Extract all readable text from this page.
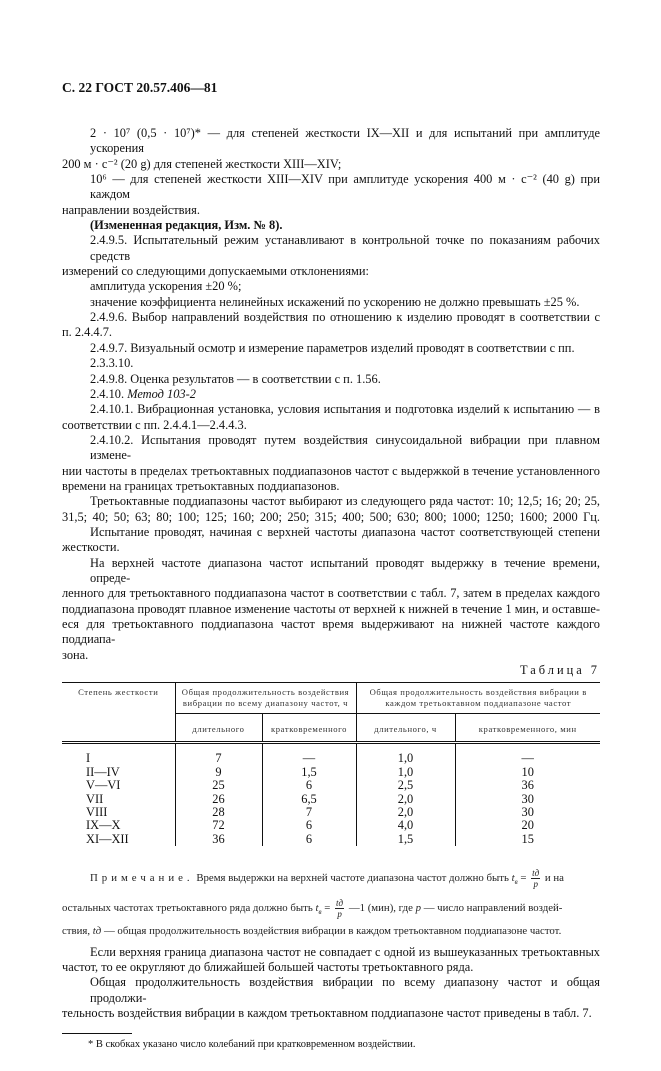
С. 22 ГОСТ 20.57.406—81
2 · 10⁷ (0,5 · 10⁷)* — для степеней жесткости IX—XII и для испытаний при амплитуде ускорения
200 м · с⁻² (20 g) для степеней жесткости XIII—XIV;
10⁶ — для степеней жесткости XIII—XIV при амплитуде ускорения 400 м · с⁻² (40 g) при каждом
направлении воздействия.
(Измененная редакция, Изм. № 8).
2.4.9.5. Испытательный режим устанавливают в контрольной точке по показаниям рабочих средств
измерений со следующими допускаемыми отклонениями:
амплитуда ускорения ±20 %;
значение коэффициента нелинейных искажений по ускорению не должно превышать ±25 %.
2.4.9.6. Выбор направлений воздействия по отношению к изделию проводят в соответствии с
п. 2.4.4.7.
2.4.9.7. Визуальный осмотр и измерение параметров изделий проводят в соответствии с пп. 2.3.3.10.
2.4.9.8. Оценка результатов — в соответствии с п. 1.56.
2.4.10. Метод 103-2
2.4.10.1. Вибрационная установка, условия испытания и подготовка изделий к испытанию — в
соответствии с пп. 2.4.4.1—2.4.4.3.
2.4.10.2. Испытания проводят путем воздействия синусоидальной вибрации при плавном измене-
нии частоты в пределах третьоктавных поддиапазонов частот с выдержкой в течение установленного
времени на границах третьоктавных поддиапазонов.
Третьоктавные поддиапазоны частот выбирают из следующего ряда частот: 10; 12,5; 16; 20; 25,
31,5; 40; 50; 63; 80; 100; 125; 160; 200; 250; 315; 400; 500; 630; 800; 1000; 1250; 1600; 2000 Гц.
Испытание проводят, начиная с верхней частоты диапазона частот соответствующей степени
жесткости.
На верхней частоте диапазона частот испытаний проводят выдержку в течение времени, опреде-
ленного для третьоктавного поддиапазона частот в соответствии с табл. 7, затем в пределах каждого
поддиапазона проводят плавное изменение частоты от верхней к нижней в течение 1 мин, и оставше-
еся для третьоктавного поддиапазона частот время выдерживают на нижней частоте каждого поддиапа-
зона.
Таблица 7
Степень жесткости	Общая продолжительность воздействия вибрации по всему диапазону частот, ч		Общая продолжительность воздействия вибрации в каждом третьоктавном поддиапазоне частот	
	длительного	кратковременного	длительного, ч	кратковременного, мин
I	7	—	1,0	—
II—IV	9	1,5	1,0	10
V—VI	25	6	2,5	36
VII	26	6,5	2,0	30
VIII	28	7	2,0	30
IX—X	72	6	4,0	20
XI—XII	36	6	1,5	15
Примечание. Время выдержки на верхней частоте диапазона частот должно быть $t_в = \frac{tд}{p}$ и на
остальных частотах третьоктавного ряда должно быть $t_в = \frac{tд}{p}$ —1 (мин), где p — число направлений воздей-
ствия, tд — общая продолжительность воздействия вибрации в каждом третьоктавном поддиапазоне частот.
Если верхняя граница диапазона частот не совпадает с одной из вышеуказанных третьоктавных
частот, то ее округляют до ближайшей большей частоты третьоктавного ряда.
Общая продолжительность воздействия вибрации по всему диапазону частот и общая продолжи-
тельность воздействия вибрации в каждом третьоктавном поддиапазоне частот приведены в табл. 7.
* В скобках указано число колебаний при кратковременном воздействии.
